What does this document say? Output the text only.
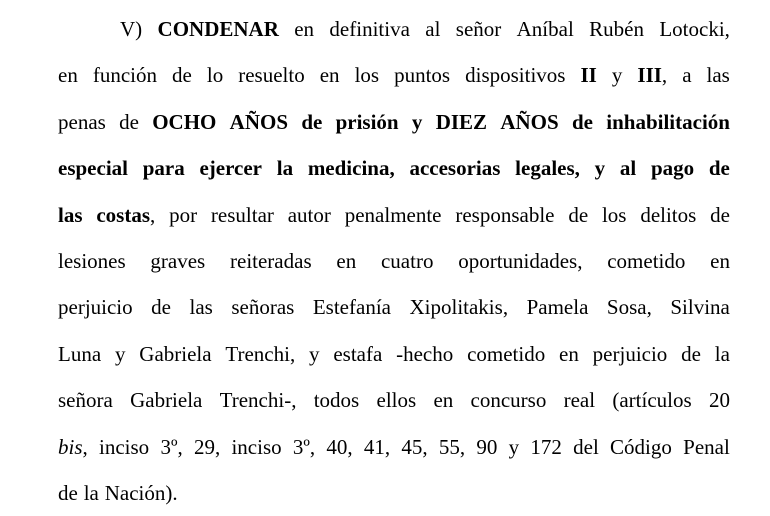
V) CONDENAR en definitiva al señor Aníbal Rubén Lotocki,
en función de lo resuelto en los puntos dispositivos II y III, a las
penas de OCHO AÑOS de prisión y DIEZ AÑOS de inhabilitación
especial para ejercer la medicina, accesorias legales, y al pago de
las costas, por resultar autor penalmente responsable de los delitos de
lesiones graves reiteradas en cuatro oportunidades, cometido en
perjuicio de las señoras Estefanía Xipolitakis, Pamela Sosa, Silvina
Luna y Gabriela Trenchi, y estafa -hecho cometido en perjuicio de la
señora Gabriela Trenchi-, todos ellos en concurso real (artículos 20
bis, inciso 3º, 29, inciso 3º, 40, 41, 45, 55, 90 y 172 del Código Penal
de la Nación).
